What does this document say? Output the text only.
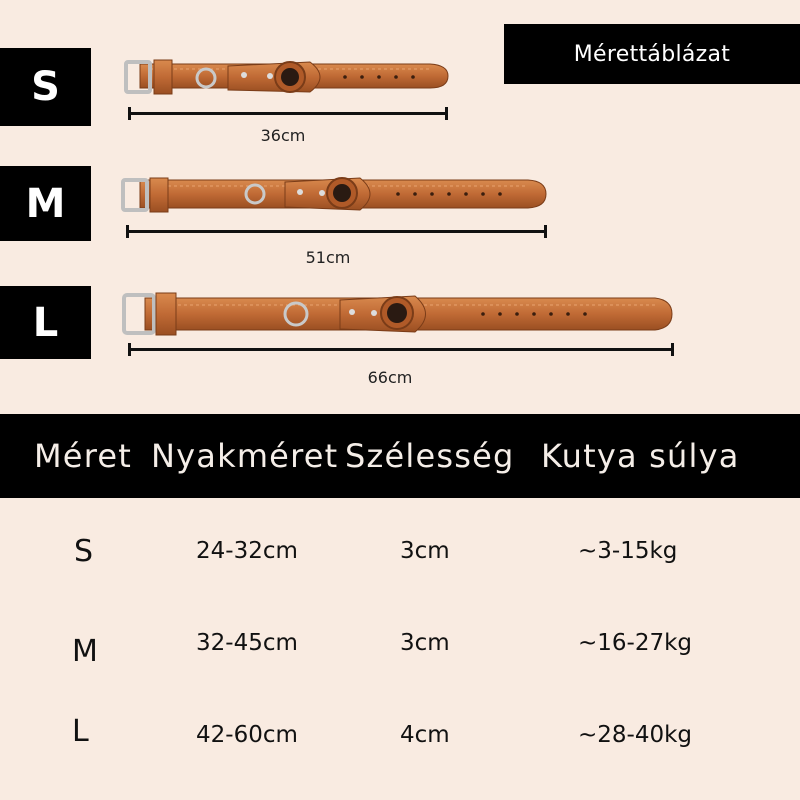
Mérettáblázat
S
M
L
36cm
51cm
66cm
Méret Nyakméret Szélesség Kutya súlya
S	24-32cm	3cm	~3-15kg
M	32-45cm	3cm	~16-27kg
L	42-60cm	4cm	~28-40kg
